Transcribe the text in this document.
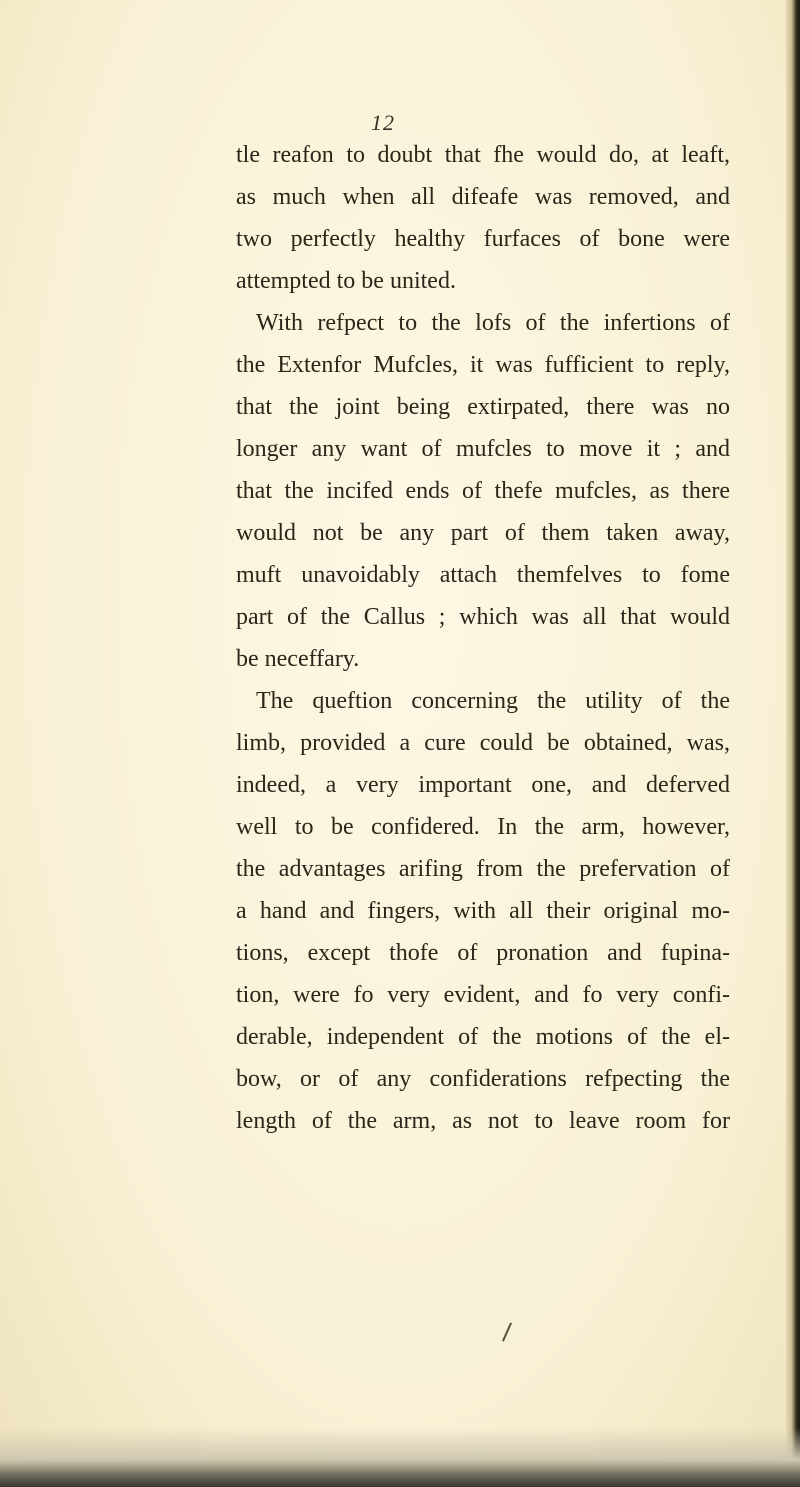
12
tle reafon to doubt that fhe would do, at leaft,
as much when all difeafe was removed, and
two perfectly healthy furfaces of bone were
attempted to be united.
With refpect to the lofs of the infertions of
the Extenfor Mufcles, it was fufficient to reply,
that the joint being extirpated, there was no
longer any want of mufcles to move it ; and
that the incifed ends of thefe mufcles, as there
would not be any part of them taken away,
muft unavoidably attach themfelves to fome
part of the Callus ; which was all that would
be neceffary.
The queftion concerning the utility of the
limb, provided a cure could be obtained, was,
indeed, a very important one, and deferved
well to be confidered. In the arm, however,
the advantages arifing from the prefervation of
a hand and fingers, with all their original mo-
tions, except thofe of pronation and fupina-
tion, were fo very evident, and fo very confi-
derable, independent of the motions of the el-
bow, or of any confiderations refpecting the
length of the arm, as not to leave room for
